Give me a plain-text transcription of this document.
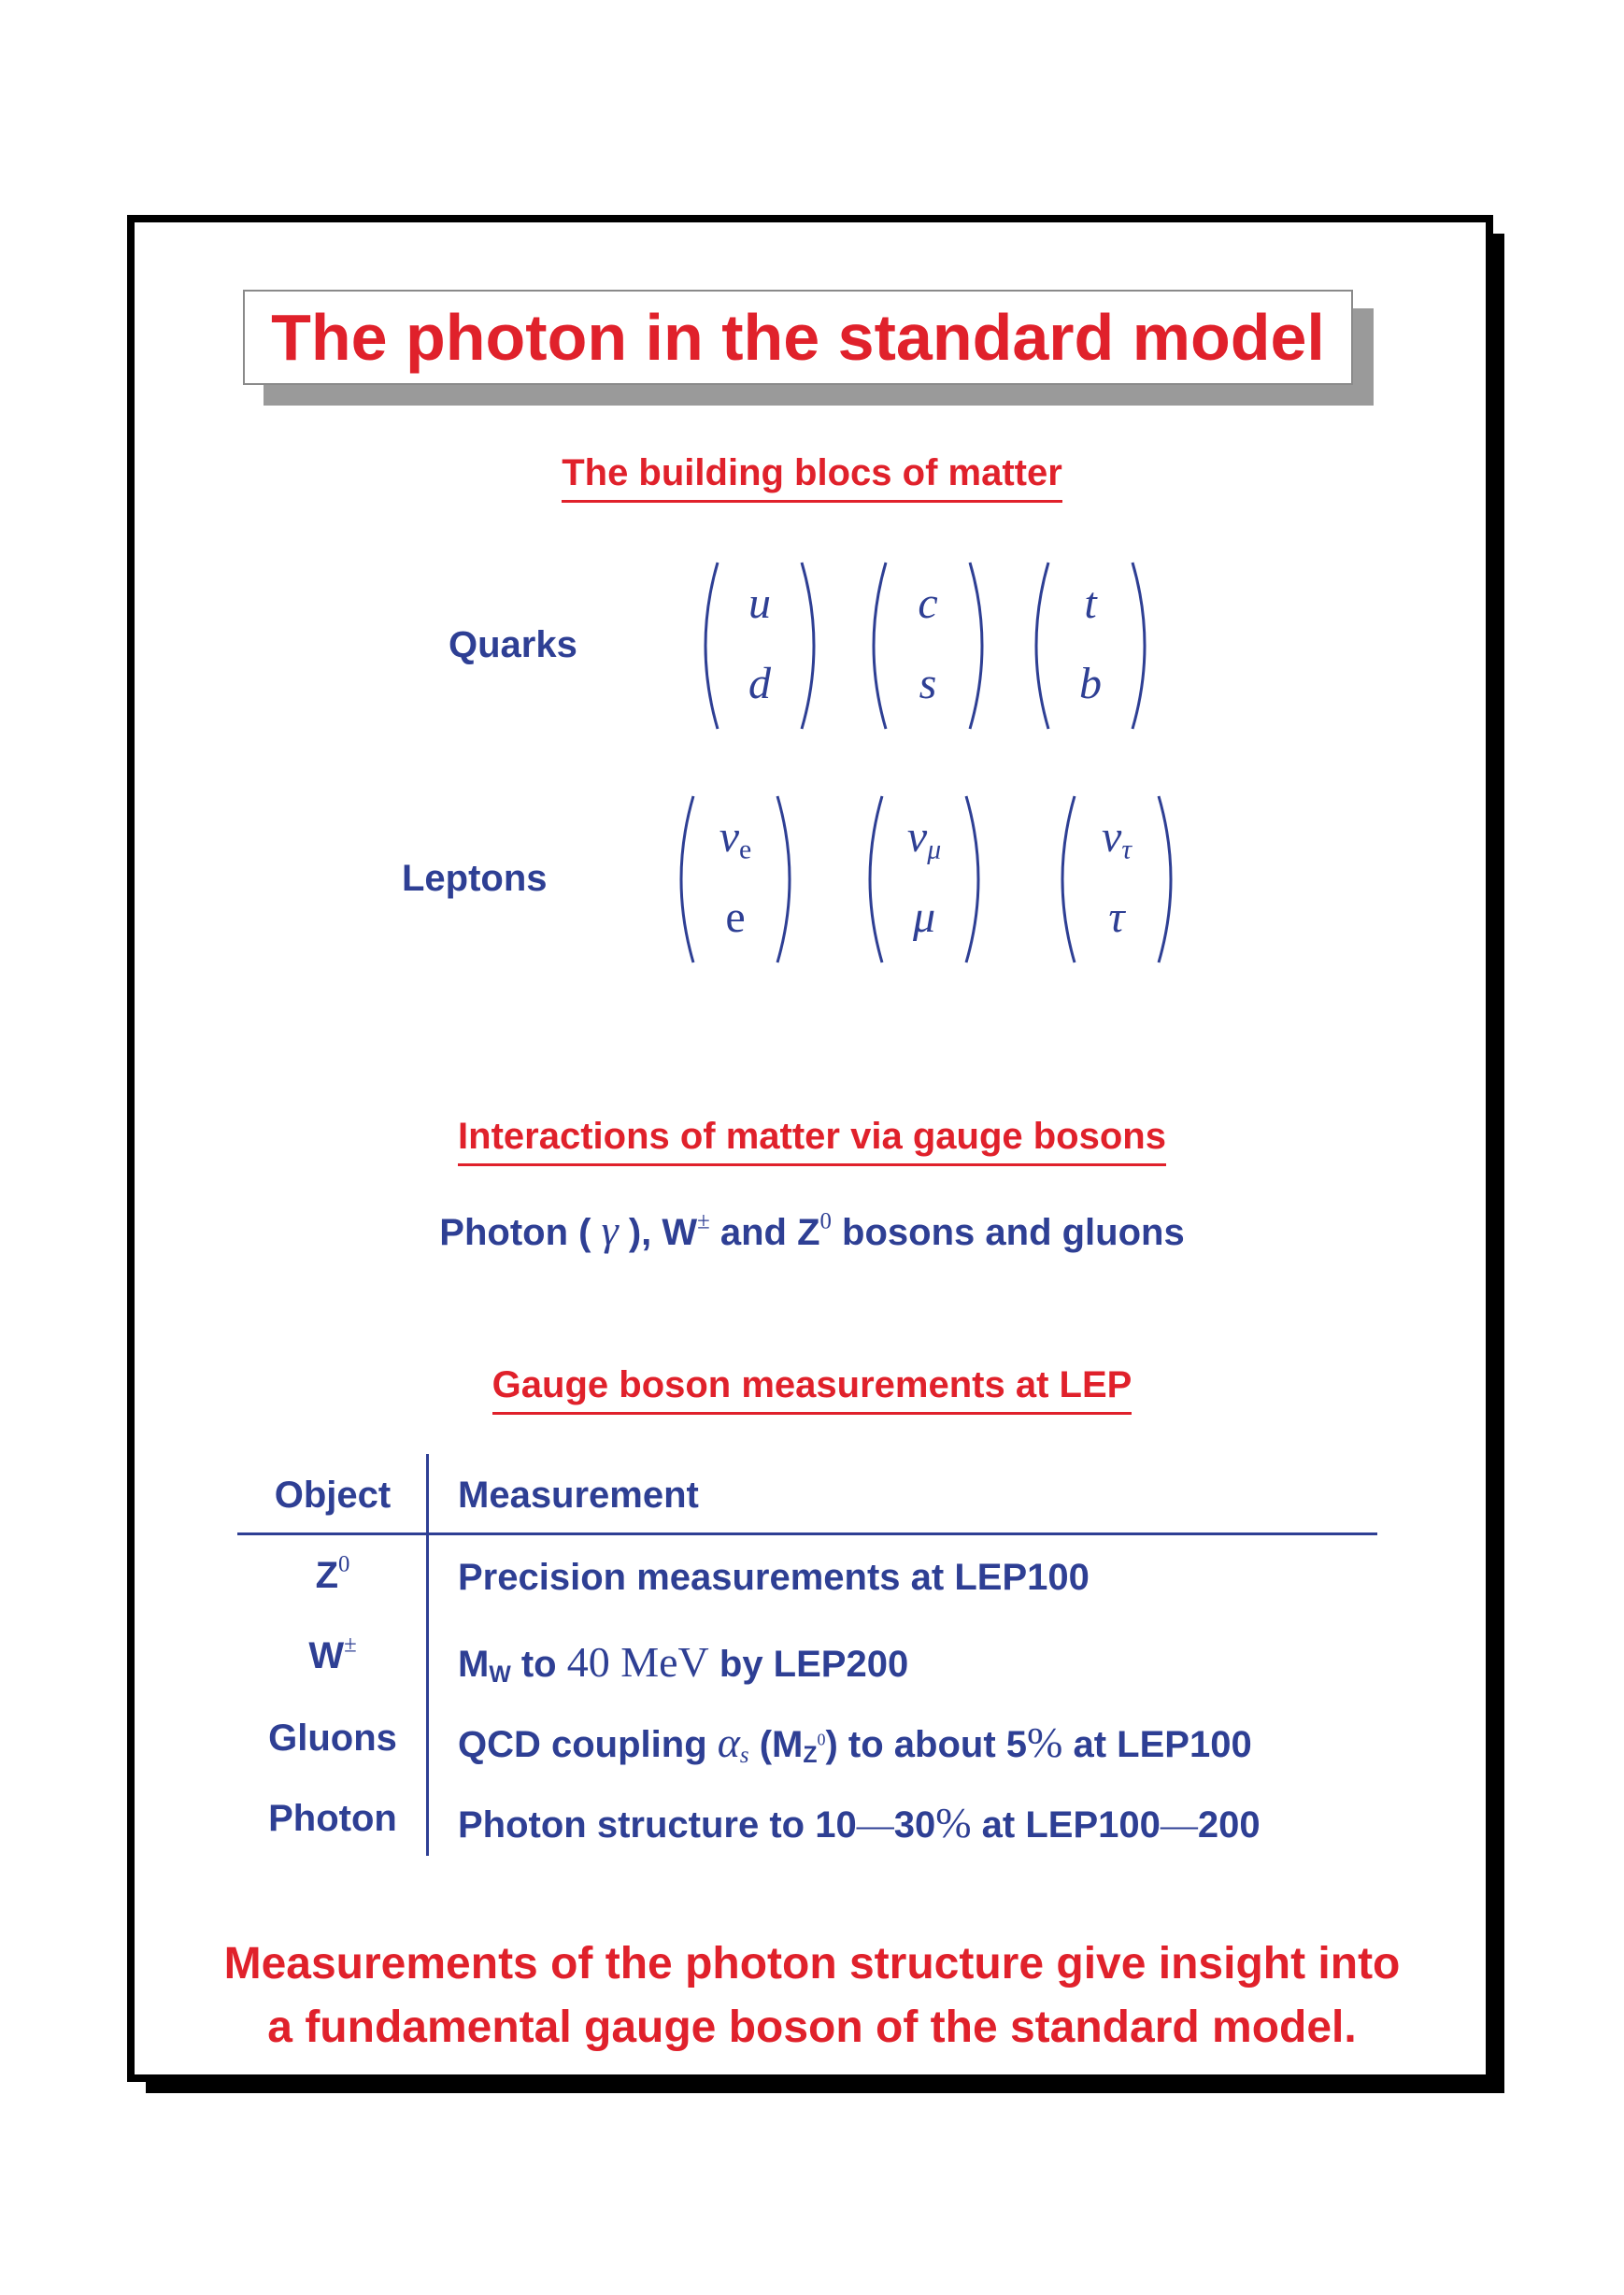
The photon in the standard model
The building blocs of matter
Quarks
Leptons
u
d
c
s
t
b
$\nu_e$
e
$\nu_\mu$
μ
$\nu_\tau$
τ
Interactions of matter via gauge bosons
Photon ( γ ), W± and $Z^0$ bosons and gluons
Gauge boson measurements at LEP
Object	Measurement
$Z^0$	Precision measurements at LEP100
W±	$M_W$ to 40 MeV by LEP200
Gluons	QCD coupling $\alpha_s$ $(M_Z^0)$ to about 5% at LEP100
Photon	Photon structure to 10—30% at LEP100—200
Measurements of the photon structure give insight into
a fundamental gauge boson of the standard model.
